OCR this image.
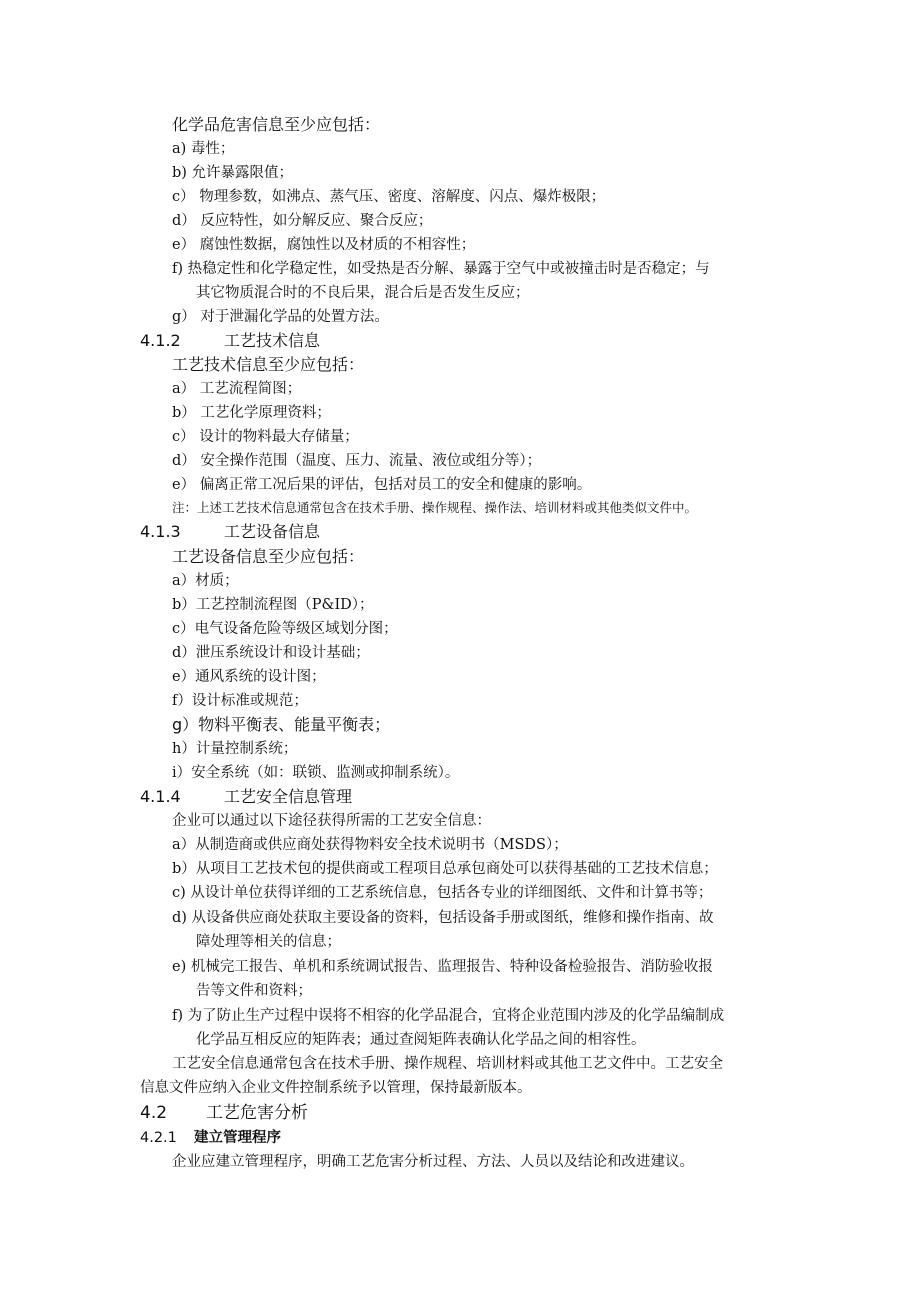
化学品危害信息至少应包括：
a) 毒性；
b) 允许暴露限值；
c） 物理参数，如沸点、蒸气压、密度、溶解度、闪点、爆炸极限；
d） 反应特性，如分解反应、聚合反应；
e） 腐蚀性数据，腐蚀性以及材质的不相容性；
f) 热稳定性和化学稳定性，如受热是否分解、暴露于空气中或被撞击时是否稳定；与
其它物质混合时的不良后果，混合后是否发生反应；
g） 对于泄漏化学品的处置方法。
4.1.2	工艺技术信息
工艺技术信息至少应包括：
a） 工艺流程简图；
b） 工艺化学原理资料；
c） 设计的物料最大存储量；
d） 安全操作范围（温度、压力、流量、液位或组分等）；
e） 偏离正常工况后果的评估，包括对员工的安全和健康的影响。
注：上述工艺技术信息通常包含在技术手册、操作规程、操作法、培训材料或其他类似文件中。
4.1.3	工艺设备信息
工艺设备信息至少应包括：
a）材质；
b）工艺控制流程图（P&ID）；
c）电气设备危险等级区域划分图；
d）泄压系统设计和设计基础；
e）通风系统的设计图；
f）设计标准或规范；
g）物料平衡表、能量平衡表；
h）计量控制系统；
i）安全系统（如：联锁、监测或抑制系统）。
4.1.4	工艺安全信息管理
企业可以通过以下途径获得所需的工艺安全信息：
a）从制造商或供应商处获得物料安全技术说明书（MSDS）；
b）从项目工艺技术包的提供商或工程项目总承包商处可以获得基础的工艺技术信息；
c) 从设计单位获得详细的工艺系统信息，包括各专业的详细图纸、文件和计算书等；
d) 从设备供应商处获取主要设备的资料，包括设备手册或图纸，维修和操作指南、故
障处理等相关的信息；
e) 机械完工报告、单机和系统调试报告、监理报告、特种设备检验报告、消防验收报
告等文件和资料；
f) 为了防止生产过程中误将不相容的化学品混合，宜将企业范围内涉及的化学品编制成
化学品互相反应的矩阵表；通过查阅矩阵表确认化学品之间的相容性。
工艺安全信息通常包含在技术手册、操作规程、培训材料或其他工艺文件中。工艺安全
信息文件应纳入企业文件控制系统予以管理，保持最新版本。
4.2 工艺危害分析
4.2.1 建立管理程序
企业应建立管理程序，明确工艺危害分析过程、方法、人员以及结论和改进建议。
